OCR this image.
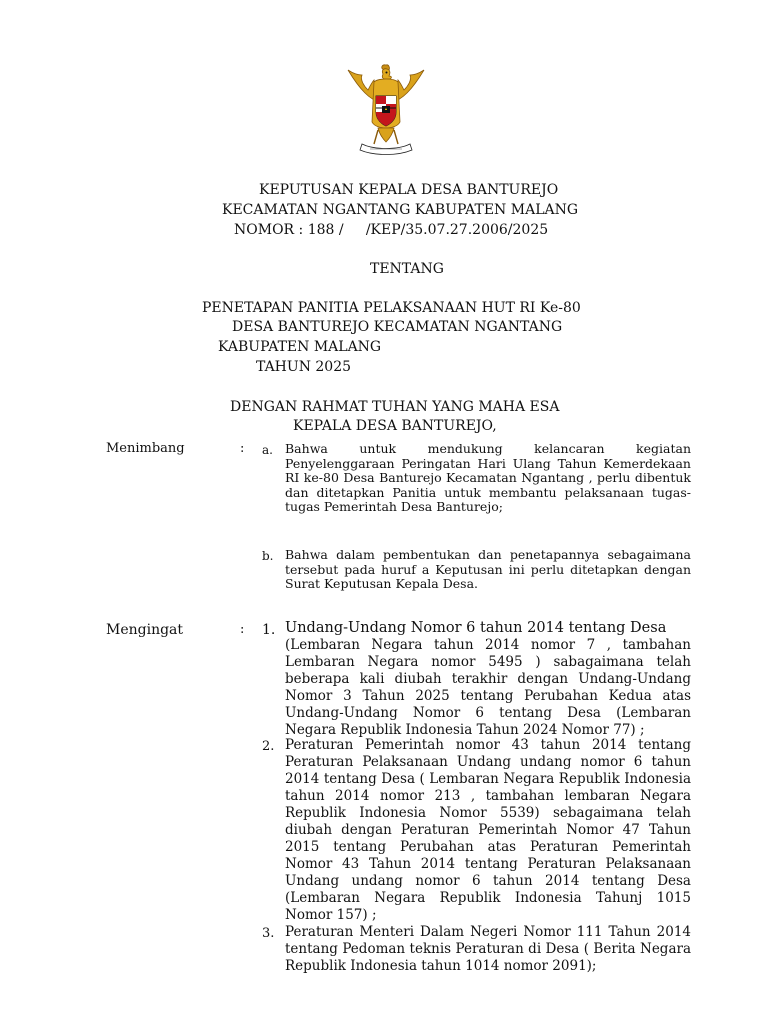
KEPUTUSAN KEPALA DESA BANTUREJO
KECAMATAN NGANTANG KABUPATEN MALANG
NOMOR : 188 /     /KEP/35.07.27.2006/2025
TENTANG
PENETAPAN PANITIA PELAKSANAAN HUT RI Ke-80
DESA BANTUREJO KECAMATAN NGANTANG
KABUPATEN MALANG
TAHUN 2025
DENGAN RAHMAT TUHAN YANG MAHA ESA
KEPALA DESA BANTUREJO,
Menimbang	: a. Bahwa untuk mendukung kelancaran kegiatan Penyelenggaraan Peringatan Hari Ulang Tahun Kemerdekaan RI ke-80 Desa Banturejo Kecamatan Ngantang , perlu dibentuk dan ditetapkan Panitia untuk membantu pelaksanaan tugas-tugas Pemerintah Desa Banturejo;
b. Bahwa dalam pembentukan dan penetapannya sebagaimana tersebut pada huruf a Keputusan ini perlu ditetapkan dengan Surat Keputusan Kepala Desa.
Mengingat	: 1. Undang-Undang Nomor 6 tahun 2014 tentang Desa
(Lembaran Negara tahun 2014 nomor 7 , tambahan Lembaran Negara nomor 5495 ) sabagaimana telah beberapa kali diubah terakhir dengan Undang-Undang Nomor 3 Tahun 2025 tentang Perubahan Kedua atas Undang-Undang Nomor 6 tentang Desa (Lembaran Negara Republik Indonesia Tahun 2024 Nomor 77) ;
2. Peraturan Pemerintah nomor 43 tahun 2014 tentang Peraturan Pelaksanaan Undang undang nomor 6 tahun 2014 tentang Desa ( Lembaran Negara Republik Indonesia tahun 2014 nomor 213 , tambahan lembaran Negara Republik Indonesia Nomor 5539) sebagaimana telah diubah dengan Peraturan Pemerintah Nomor 47 Tahun 2015 tentang Perubahan atas Peraturan Pemerintah Nomor 43 Tahun 2014 tentang Peraturan Pelaksanaan Undang undang nomor 6 tahun 2014 tentang Desa (Lembaran Negara Republik Indonesia Tahunj 1015 Nomor 157) ;
3. Peraturan Menteri Dalam Negeri Nomor 111 Tahun 2014 tentang Pedoman teknis Peraturan di Desa ( Berita Negara Republik Indonesia tahun 1014 nomor 2091);
